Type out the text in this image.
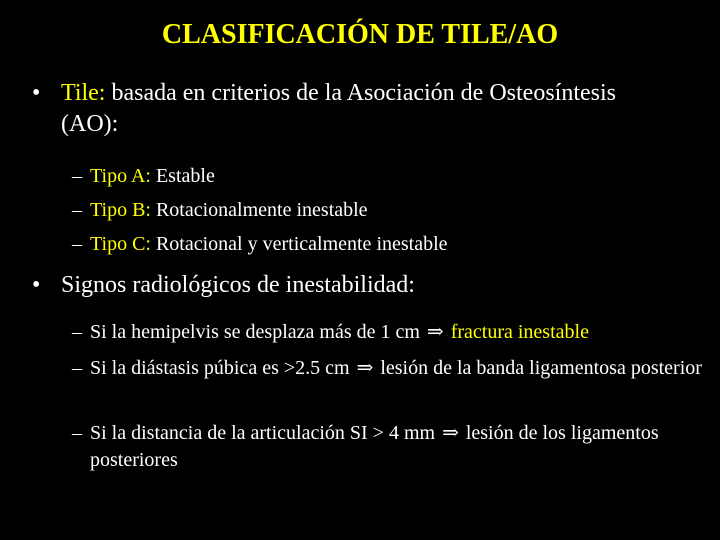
CLASIFICACIÓN DE TILE/AO
• Tile: basada en criterios de la Asociación de Osteosíntesis (AO):
– Tipo A: Estable
– Tipo B: Rotacionalmente inestable
– Tipo C: Rotacional y verticalmente inestable
• Signos radiológicos de inestabilidad:
– Si la hemipelvis se desplaza más de 1 cm ⇒ fractura inestable
– Si la diástasis púbica es >2.5 cm ⇒ lesión de la banda ligamentosa posterior
– Si la distancia de la articulación SI > 4 mm ⇒ lesión de los ligamentos posteriores
